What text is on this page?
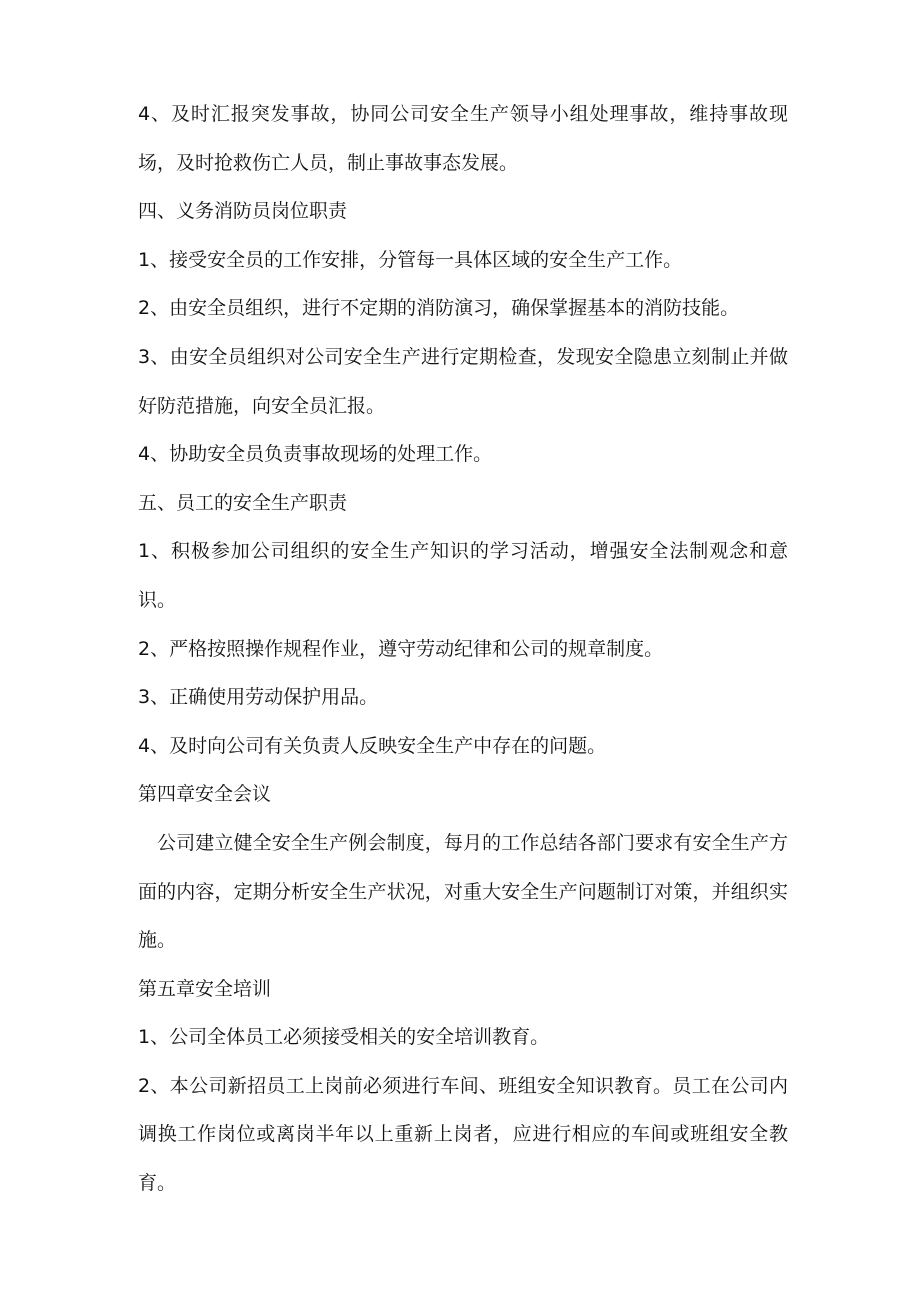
4、及时汇报突发事故，协同公司安全生产领导小组处理事故，维持事故现场，及时抢救伤亡人员，制止事故事态发展。

四、义务消防员岗位职责

1、接受安全员的工作安排，分管每一具体区域的安全生产工作。

2、由安全员组织，进行不定期的消防演习，确保掌握基本的消防技能。

3、由安全员组织对公司安全生产进行定期检查，发现安全隐患立刻制止并做好防范措施，向安全员汇报。

4、协助安全员负责事故现场的处理工作。

五、员工的安全生产职责

1、积极参加公司组织的安全生产知识的学习活动，增强安全法制观念和意识。

2、严格按照操作规程作业，遵守劳动纪律和公司的规章制度。

3、正确使用劳动保护用品。

4、及时向公司有关负责人反映安全生产中存在的问题。

第四章安全会议

公司建立健全安全生产例会制度，每月的工作总结各部门要求有安全生产方面的内容，定期分析安全生产状况，对重大安全生产问题制订对策，并组织实施。

第五章安全培训

1、公司全体员工必须接受相关的安全培训教育。

2、本公司新招员工上岗前必须进行车间、班组安全知识教育。员工在公司内调换工作岗位或离岗半年以上重新上岗者，应进行相应的车间或班组安全教育。
